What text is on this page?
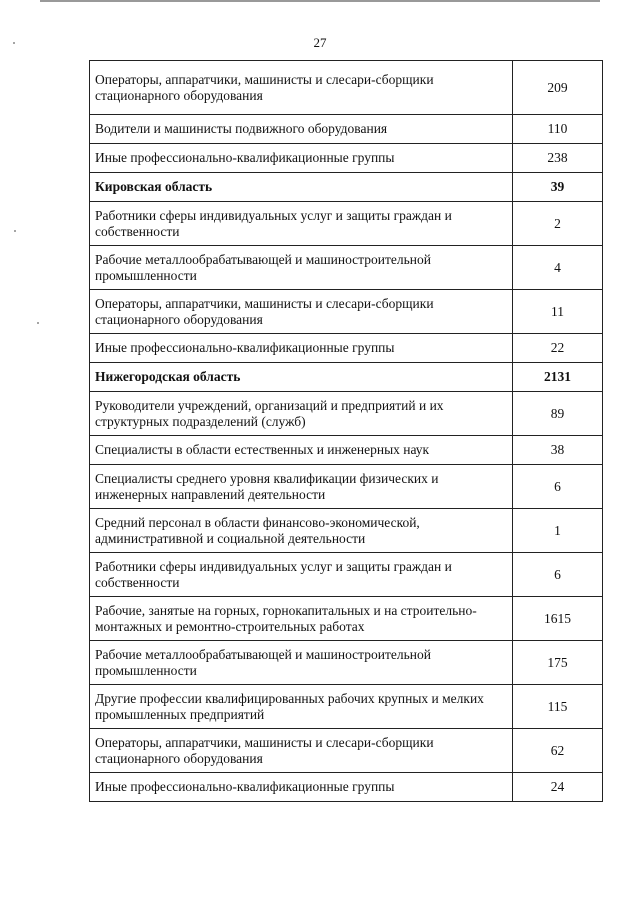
27
Операторы, аппаратчики, машинисты и слесари-сборщики стационарного оборудования	209
Водители и машинисты подвижного оборудования	110
Иные профессионально-квалификационные группы	238
Кировская область	39
Работники сферы индивидуальных услуг и защиты граждан и собственности	2
Рабочие металлообрабатывающей и машиностроительной промышленности	4
Операторы, аппаратчики, машинисты и слесари-сборщики стационарного оборудования	11
Иные профессионально-квалификационные группы	22
Нижегородская область	2131
Руководители учреждений, организаций и предприятий и их структурных подразделений (служб)	89
Специалисты в области естественных и инженерных наук	38
Специалисты среднего уровня квалификации физических и инженерных направлений деятельности	6
Средний персонал в области финансово-экономической, административной и социальной деятельности	1
Работники сферы индивидуальных услуг и защиты граждан и собственности	6
Рабочие, занятые на горных, горнокапитальных и на строительно-монтажных и ремонтно-строительных работах	1615
Рабочие металлообрабатывающей и машиностроительной промышленности	175
Другие профессии квалифицированных рабочих крупных и мелких промышленных предприятий	115
Операторы, аппаратчики, машинисты и слесари-сборщики стационарного оборудования	62
Иные профессионально-квалификационные группы	24
